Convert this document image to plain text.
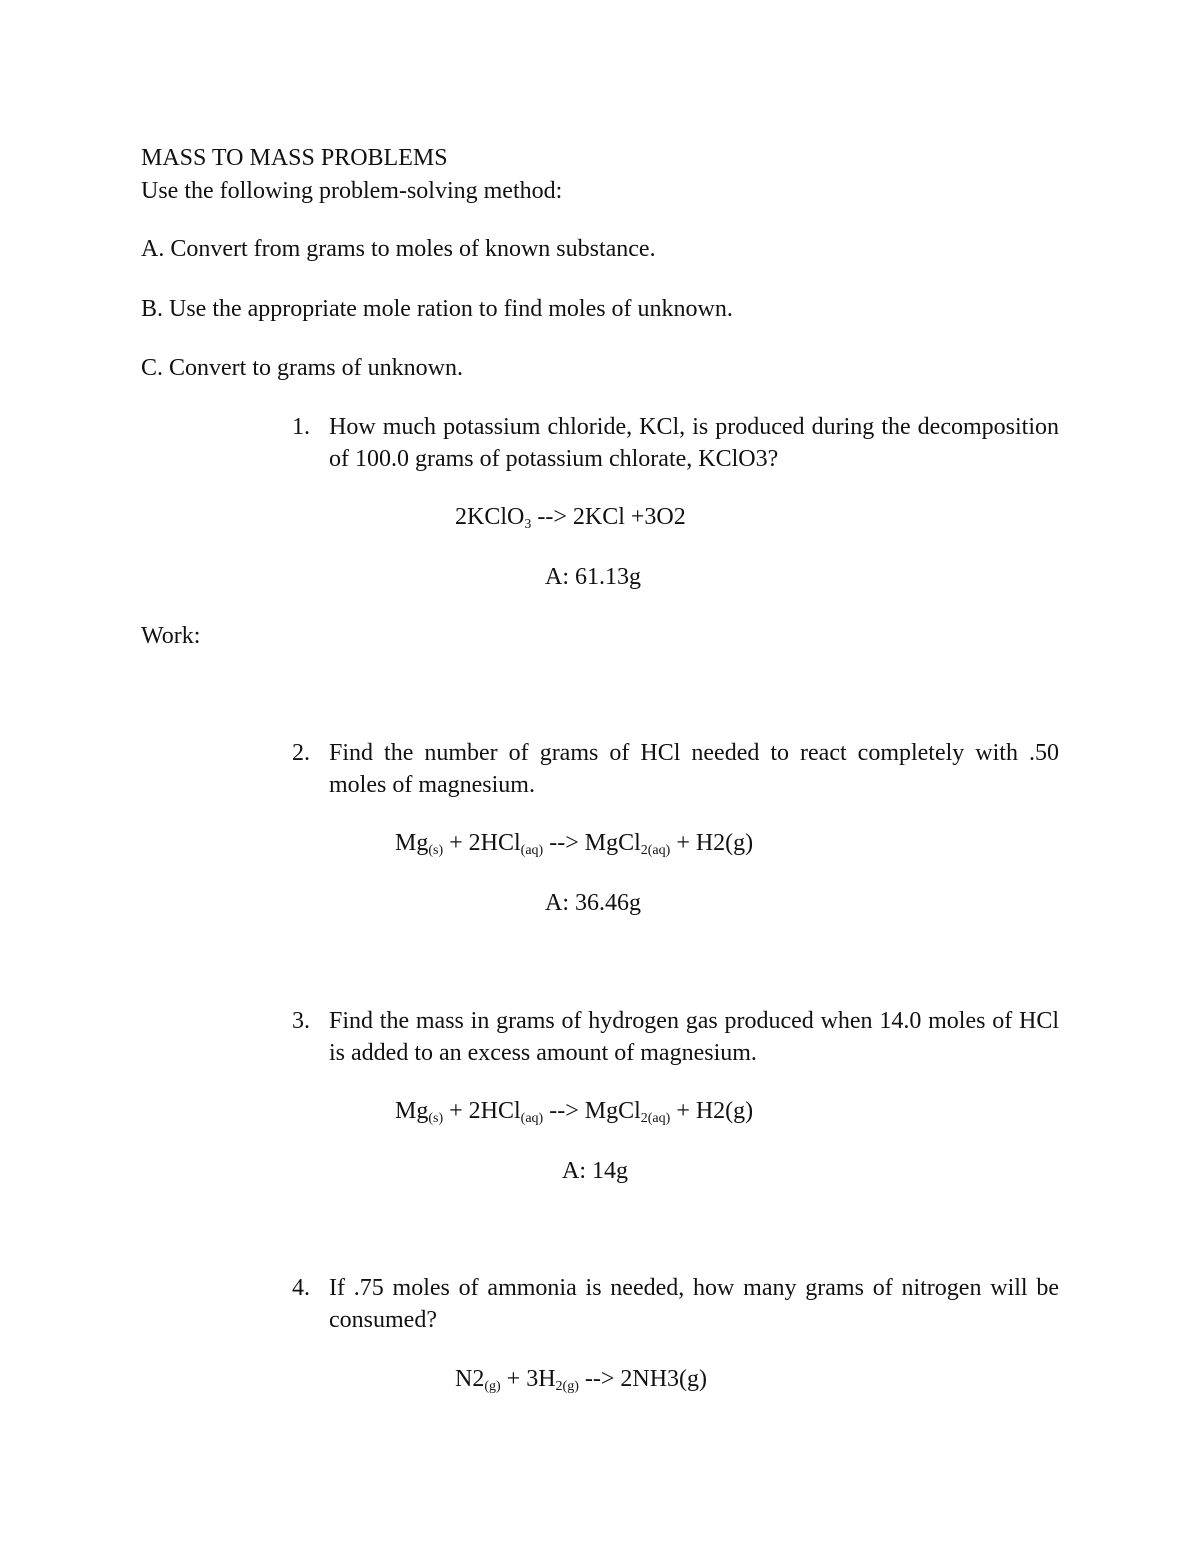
MASS TO MASS PROBLEMS
Use the following problem-solving method:
A. Convert from grams to moles of known substance.
B. Use the appropriate mole ration to find moles of unknown.
C. Convert to grams of unknown.
1. How much potassium chloride, KCl, is produced during the decomposition of 100.0 grams of potassium chlorate, KClO3?
2KClO$_3$ --> 2KCl +3O2
A: 61.13g
Work:
2. Find the number of grams of HCl needed to react completely with .50 moles of magnesium.
$Mg_{(s)} + 2HCl_{(aq)}$ --> MgCl$_{2(aq)}$ + H2(g)
A: 36.46g
3. Find the mass in grams of hydrogen gas produced when 14.0 moles of HCl is added to an excess amount of magnesium.
$Mg_{(s)} + 2HCl_{(aq)}$ --> MgCl$_{2(aq)}$ + H2(g)
A: 14g
4. If .75 moles of ammonia is needed, how many grams of nitrogen will be consumed?
$N2_{(g)} + 3H_{2(g)}$ --> 2NH3(g)
